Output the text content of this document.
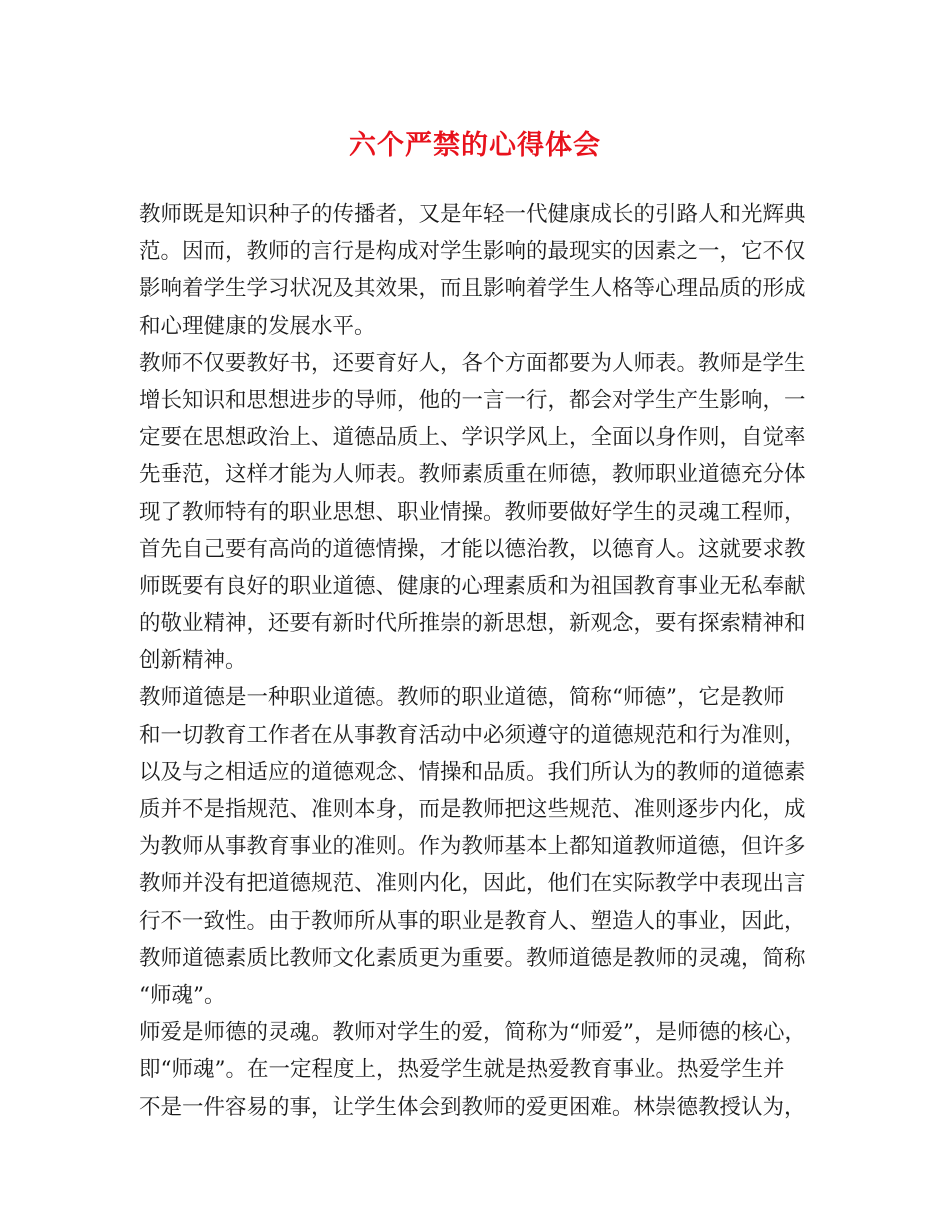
六个严禁的心得体会
教师既是知识种子的传播者，又是年轻一代健康成长的引路人和光辉典
范。因而，教师的言行是构成对学生影响的最现实的因素之一，它不仅
影响着学生学习状况及其效果，而且影响着学生人格等心理品质的形成
和心理健康的发展水平。
教师不仅要教好书，还要育好人，各个方面都要为人师表。教师是学生
增长知识和思想进步的导师，他的一言一行，都会对学生产生影响，一
定要在思想政治上、道德品质上、学识学风上，全面以身作则，自觉率
先垂范，这样才能为人师表。教师素质重在师德，教师职业道德充分体
现了教师特有的职业思想、职业情操。教师要做好学生的灵魂工程师，
首先自己要有高尚的道德情操，才能以德治教，以德育人。这就要求教
师既要有良好的职业道德、健康的心理素质和为祖国教育事业无私奉献
的敬业精神，还要有新时代所推崇的新思想，新观念，要有探索精神和
创新精神。
教师道德是一种职业道德。教师的职业道德，简称“师德”，它是教师
和一切教育工作者在从事教育活动中必须遵守的道德规范和行为准则，
以及与之相适应的道德观念、情操和品质。我们所认为的教师的道德素
质并不是指规范、准则本身，而是教师把这些规范、准则逐步内化，成
为教师从事教育事业的准则。作为教师基本上都知道教师道德，但许多
教师并没有把道德规范、准则内化，因此，他们在实际教学中表现出言
行不一致性。由于教师所从事的职业是教育人、塑造人的事业，因此，
教师道德素质比教师文化素质更为重要。教师道德是教师的灵魂，简称
“师魂”。
师爱是师德的灵魂。教师对学生的爱，简称为“师爱”，是师德的核心，
即“师魂”。在一定程度上，热爱学生就是热爱教育事业。热爱学生并
不是一件容易的事，让学生体会到教师的爱更困难。林崇德教授认为，
